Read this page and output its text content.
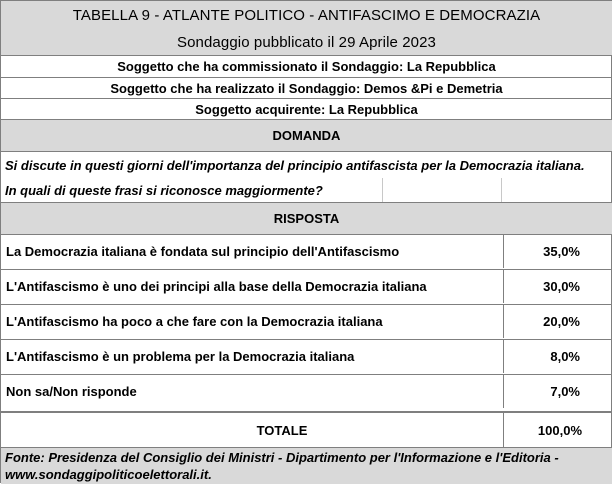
TABELLA 9 - ATLANTE POLITICO - ANTIFASCIMO E DEMOCRAZIA
Sondaggio pubblicato il 29 Aprile 2023
Soggetto che ha commissionato il Sondaggio: La Repubblica
Soggetto che ha realizzato il Sondaggio: Demos &Pi e Demetria
Soggetto acquirente: La Repubblica
DOMANDA
Si discute in questi giorni dell'importanza del principio antifascista per la Democrazia italiana.
In quali di queste frasi si riconosce maggiormente?
RISPOSTA
La Democrazia italiana è fondata sul principio dell'Antifascismo	35,0%
L'Antifascismo è uno dei principi alla base della Democrazia italiana	30,0%
L'Antifascismo ha poco a che fare con la Democrazia italiana	20,0%
L'Antifascismo è un problema per la Democrazia italiana	8,0%
Non sa/Non risponde	7,0%
TOTALE	100,0%
Fonte: Presidenza del Consiglio dei Ministri - Dipartimento per l'Informazione e l'Editoria -
www.sondaggipoliticoelettorali.it.
